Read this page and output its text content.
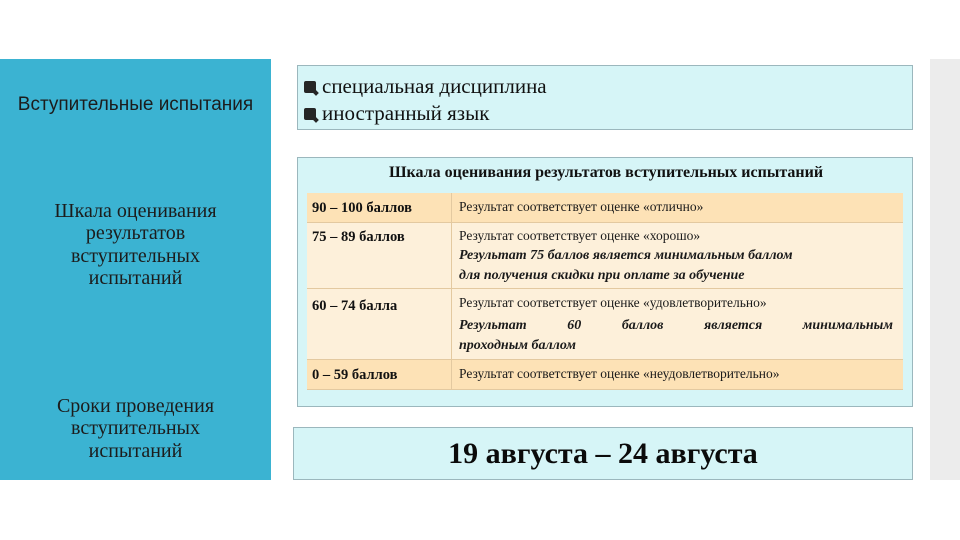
Вступительные испытания
Шкала оценивания результатов вступительных испытаний
Сроки проведения вступительных испытаний
специальная дисциплина
иностранный язык
Шкала оценивания результатов вступительных испытаний
90 – 100 баллов	Результат соответствует оценке «отлично»
75 – 89 баллов	Результат соответствует оценке «хорошо»
Результат 75 баллов является минимальным баллом
для получения скидки при оплате за обучение
60 – 74 балла	Результат соответствует оценке «удовлетворительно»
Результат 60 баллов является минимальным
проходным баллом
0 – 59 баллов	Результат соответствует оценке «неудовлетворительно»
19 августа – 24 августа
